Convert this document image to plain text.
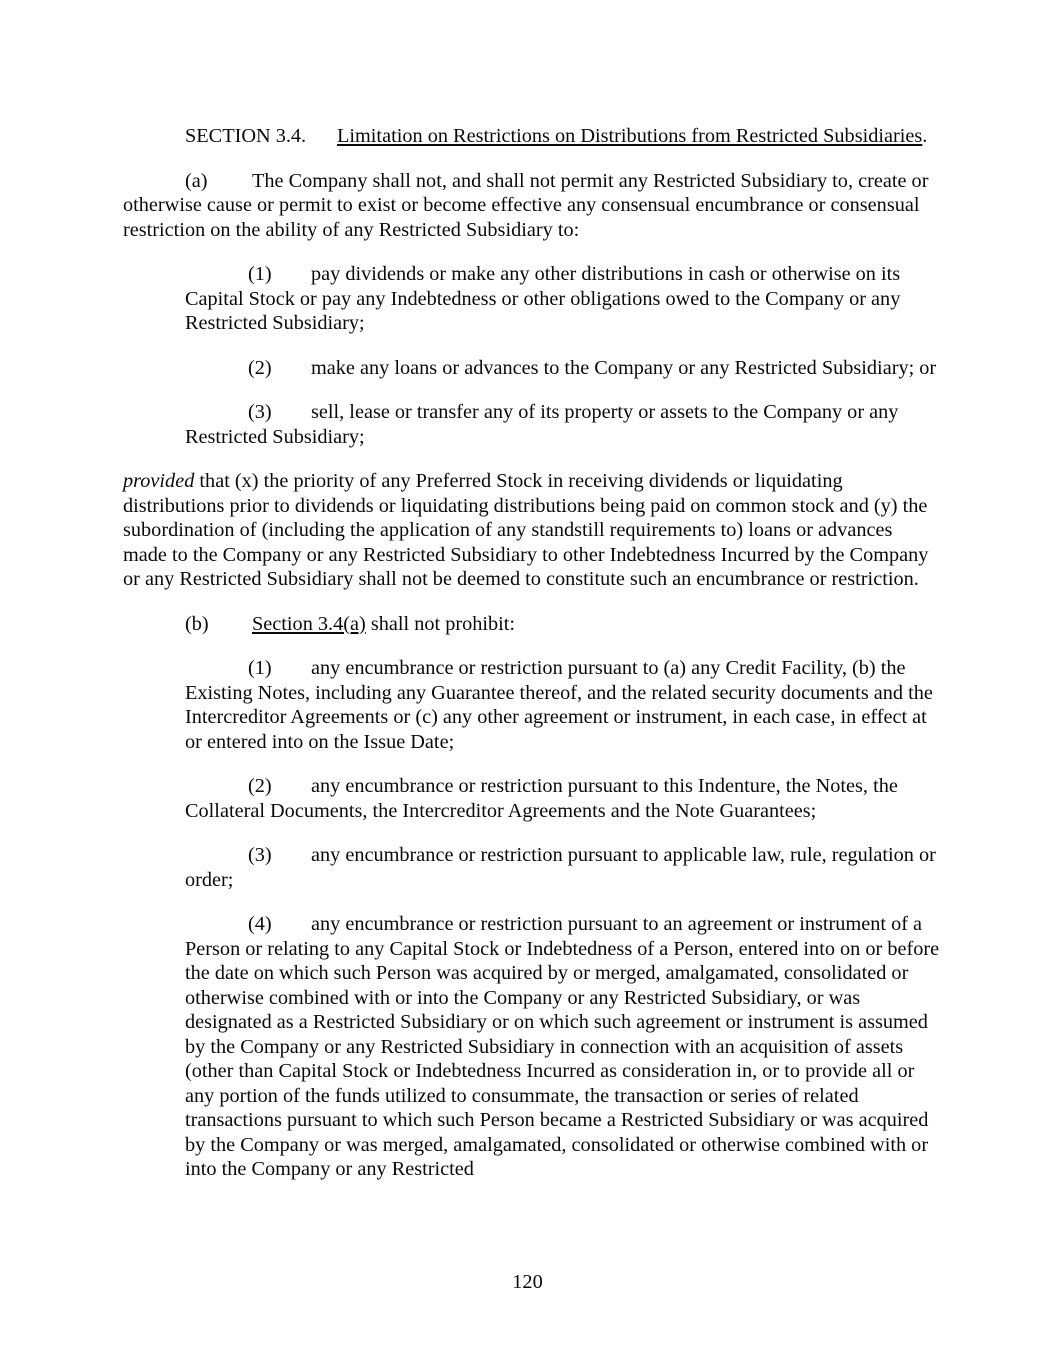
SECTION 3.4. Limitation on Restrictions on Distributions from Restricted Subsidiaries.

(a) The Company shall not, and shall not permit any Restricted Subsidiary to, create or otherwise cause or permit to exist or become effective any consensual encumbrance or consensual restriction on the ability of any Restricted Subsidiary to:

(1) pay dividends or make any other distributions in cash or otherwise on its Capital Stock or pay any Indebtedness or other obligations owed to the Company or any Restricted Subsidiary;

(2) make any loans or advances to the Company or any Restricted Subsidiary; or

(3) sell, lease or transfer any of its property or assets to the Company or any Restricted Subsidiary;

provided that (x) the priority of any Preferred Stock in receiving dividends or liquidating distributions prior to dividends or liquidating distributions being paid on common stock and (y) the subordination of (including the application of any standstill requirements to) loans or advances made to the Company or any Restricted Subsidiary to other Indebtedness Incurred by the Company or any Restricted Subsidiary shall not be deemed to constitute such an encumbrance or restriction.

(b) Section 3.4(a) shall not prohibit:

(1) any encumbrance or restriction pursuant to (a) any Credit Facility, (b) the Existing Notes, including any Guarantee thereof, and the related security documents and the Intercreditor Agreements or (c) any other agreement or instrument, in each case, in effect at or entered into on the Issue Date;

(2) any encumbrance or restriction pursuant to this Indenture, the Notes, the Collateral Documents, the Intercreditor Agreements and the Note Guarantees;

(3) any encumbrance or restriction pursuant to applicable law, rule, regulation or order;

(4) any encumbrance or restriction pursuant to an agreement or instrument of a Person or relating to any Capital Stock or Indebtedness of a Person, entered into on or before the date on which such Person was acquired by or merged, amalgamated, consolidated or otherwise combined with or into the Company or any Restricted Subsidiary, or was designated as a Restricted Subsidiary or on which such agreement or instrument is assumed by the Company or any Restricted Subsidiary in connection with an acquisition of assets (other than Capital Stock or Indebtedness Incurred as consideration in, or to provide all or any portion of the funds utilized to consummate, the transaction or series of related transactions pursuant to which such Person became a Restricted Subsidiary or was acquired by the Company or was merged, amalgamated, consolidated or otherwise combined with or into the Company or any Restricted

120
